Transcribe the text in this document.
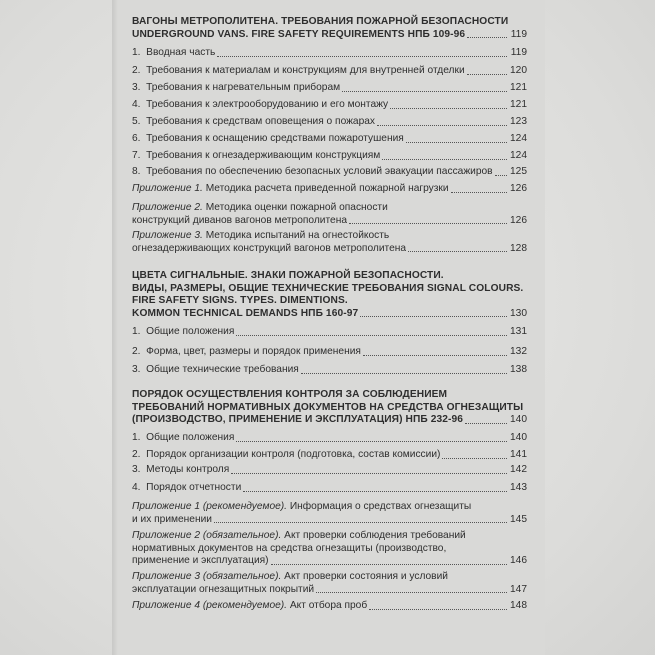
ВАГОНЫ МЕТРОПОЛИТЕНА. ТРЕБОВАНИЯ ПОЖАРНОЙ БЕЗОПАСНОСТИ
UNDERGROUND VANS. FIRE SAFETY REQUIREMENTS НПБ 109-96	119
1.  Вводная часть	119
2.  Требования к материалам и конструкциям для внутренней отделки	120
3.  Требования к нагревательным приборам	121
4.  Требования к электрооборудованию и его монтажу	121
5.  Требования к средствам оповещения о пожарах	123
6.  Требования к оснащению средствами пожаротушения	124
7.  Требования к огнезадерживающим конструкциям	124
8.  Требования по обеспечению безопасных условий эвакуации пассажиров 125
Приложение 1. Методика расчета приведенной пожарной нагрузки	126
Приложение 2. Методика оценки пожарной опасности
конструкций диванов вагонов метрополитена	126
Приложение 3. Методика испытаний на огнестойкость
огнезадерживающих конструкций вагонов метрополитена	128
ЦВЕТА СИГНАЛЬНЫЕ. ЗНАКИ ПОЖАРНОЙ БЕЗОПАСНОСТИ.
ВИДЫ, РАЗМЕРЫ, ОБЩИЕ ТЕХНИЧЕСКИЕ ТРЕБОВАНИЯ SIGNAL COLOURS.
FIRE SAFETY SIGNS. TYPES. DIMENTIONS.
KOMMON TECHNICAL DEMANDS НПБ 160-97	130
1.  Общие положения	131
2.  Форма, цвет, размеры и порядок применения	132
3.  Общие технические требования	138
ПОРЯДОК ОСУЩЕСТВЛЕНИЯ КОНТРОЛЯ ЗА СОБЛЮДЕНИЕМ
ТРЕБОВАНИЙ НОРМАТИВНЫХ ДОКУМЕНТОВ НА СРЕДСТВА ОГНЕЗАЩИТЫ
(ПРОИЗВОДСТВО, ПРИМЕНЕНИЕ И ЭКСПЛУАТАЦИЯ) НПБ 232-96	140
1.  Общие положения	140
2.  Порядок организации контроля (подготовка, состав комиссии)	141
3.  Методы контроля	142
4.  Порядок отчетности	143
Приложение 1 (рекомендуемое). Информация о средствах огнезащиты
и их применении	145
Приложение 2 (обязательное). Акт проверки соблюдения требований
нормативных документов на средства огнезащиты (производство,
применение и эксплуатация)	146
Приложение 3 (обязательное). Акт проверки состояния и условий
эксплуатации огнезащитных покрытий	147
Приложение 4 (рекомендуемое). Акт отбора проб	148
